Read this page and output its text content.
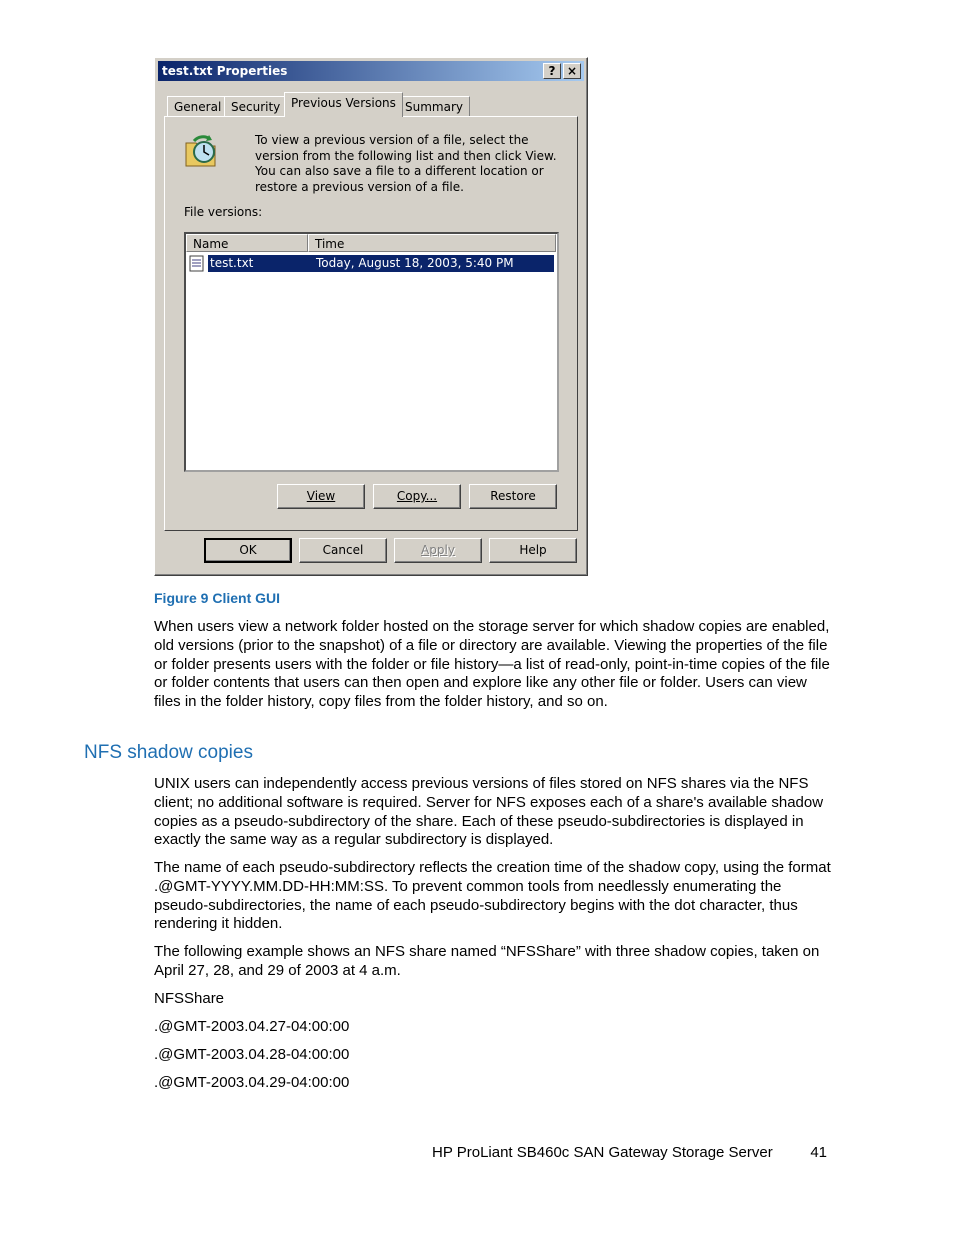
test.txt Properties	? ×
General Security Previous Versions Summary
To view a previous version of a file, select the version from the following list and then click View. You can also save a file to a different location or restore a previous version of a file.
File versions:
Name	Time
test.txt	Today, August 18, 2003, 5:40 PM
View	Copy...	Restore
OK	Cancel	Apply	Help
Figure 9 Client GUI

When users view a network folder hosted on the storage server for which shadow copies are enabled, old versions (prior to the snapshot) of a file or directory are available. Viewing the properties of the file or folder presents users with the folder or file history—a list of read-only, point-in-time copies of the file or folder contents that users can then open and explore like any other file or folder. Users can view files in the folder history, copy files from the folder history, and so on.

NFS shadow copies

UNIX users can independently access previous versions of files stored on NFS shares via the NFS client; no additional software is required. Server for NFS exposes each of a share's available shadow copies as a pseudo-subdirectory of the share. Each of these pseudo-subdirectories is displayed in exactly the same way as a regular subdirectory is displayed.

The name of each pseudo-subdirectory reflects the creation time of the shadow copy, using the format .@GMT-YYYY.MM.DD-HH:MM:SS. To prevent common tools from needlessly enumerating the pseudo-subdirectories, the name of each pseudo-subdirectory begins with the dot character, thus rendering it hidden.

The following example shows an NFS share named “NFSShare” with three shadow copies, taken on April 27, 28, and 29 of 2003 at 4 a.m.

NFSShare

.@GMT-2003.04.27-04:00:00

.@GMT-2003.04.28-04:00:00

.@GMT-2003.04.29-04:00:00

HP ProLiant SB460c SAN Gateway Storage Server	41
